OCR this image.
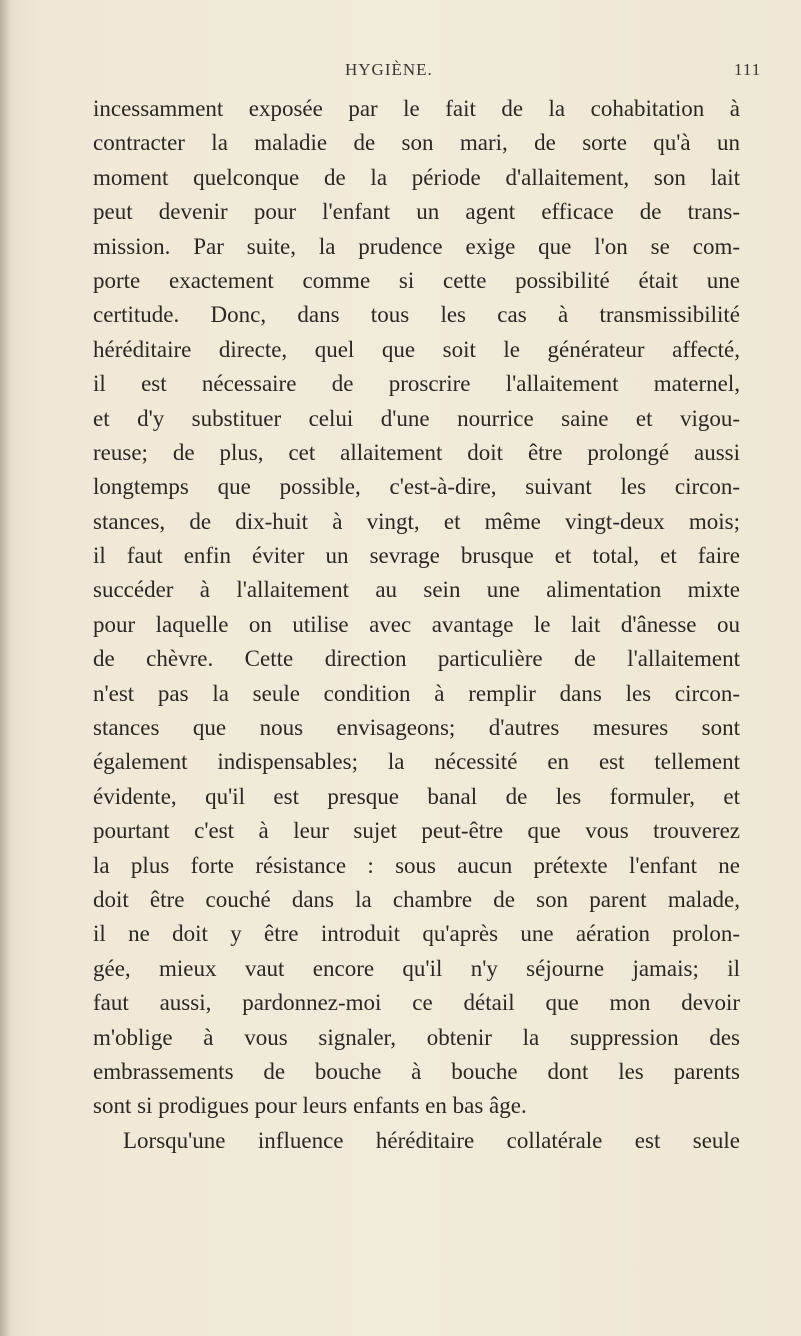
HYGIÈNE.	111
incessamment exposée par le fait de la cohabitation à
contracter la maladie de son mari, de sorte qu'à un
moment quelconque de la période d'allaitement, son lait
peut devenir pour l'enfant un agent efficace de trans-
mission. Par suite, la prudence exige que l'on se com-
porte exactement comme si cette possibilité était une
certitude. Donc, dans tous les cas à transmissibilité
héréditaire directe, quel que soit le générateur affecté,
il est nécessaire de proscrire l'allaitement maternel,
et d'y substituer celui d'une nourrice saine et vigou-
reuse; de plus, cet allaitement doit être prolongé aussi
longtemps que possible, c'est-à-dire, suivant les circon-
stances, de dix-huit à vingt, et même vingt-deux mois;
il faut enfin éviter un sevrage brusque et total, et faire
succéder à l'allaitement au sein une alimentation mixte
pour laquelle on utilise avec avantage le lait d'ânesse ou
de chèvre. Cette direction particulière de l'allaitement
n'est pas la seule condition à remplir dans les circon-
stances que nous envisageons; d'autres mesures sont
également indispensables; la nécessité en est tellement
évidente, qu'il est presque banal de les formuler, et
pourtant c'est à leur sujet peut-être que vous trouverez
la plus forte résistance : sous aucun prétexte l'enfant ne
doit être couché dans la chambre de son parent malade,
il ne doit y être introduit qu'après une aération prolon-
gée, mieux vaut encore qu'il n'y séjourne jamais; il
faut aussi, pardonnez-moi ce détail que mon devoir
m'oblige à vous signaler, obtenir la suppression des
embrassements de bouche à bouche dont les parents
sont si prodigues pour leurs enfants en bas âge.
Lorsqu'une influence héréditaire collatérale est seule
